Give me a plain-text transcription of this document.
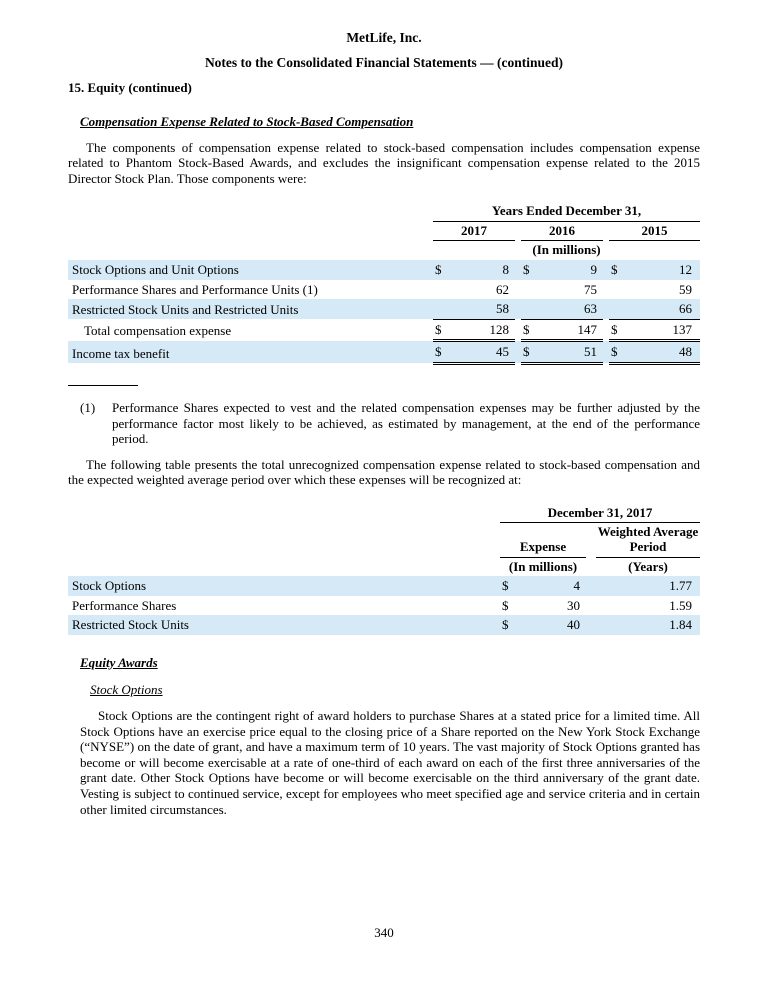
MetLife, Inc.
Notes to the Consolidated Financial Statements — (continued)
15. Equity (continued)
Compensation Expense Related to Stock-Based Compensation

The components of compensation expense related to stock-based compensation includes compensation expense related to Phantom Stock-Based Awards, and excludes the insignificant compensation expense related to the 2015 Director Stock Plan. Those components were:

	Years Ended December 31,							
	2017			2016			2015	
	(In millions)							
Stock Options and Unit Options	$	8		$	9		$	12
Performance Shares and Performance Units (1)		62			75			59
Restricted Stock Units and Restricted Units		58			63			66
Total compensation expense	$	128		$	147		$	137
Income tax benefit	$	45		$	51		$	48
(1)	Performance Shares expected to vest and the related compensation expenses may be further adjusted by the performance factor most likely to be achieved, as estimated by management, at the end of the performance period.

The following table presents the total unrecognized compensation expense related to stock-based compensation and the expected weighted average period over which these expenses will be recognized at:

	December 31, 2017			
	Expense			Weighted Average Period
	(In millions)			(Years)
Stock Options	$	4		1.77
Performance Shares	$	30		1.59
Restricted Stock Units	$	40		1.84
Equity Awards
Stock Options

Stock Options are the contingent right of award holders to purchase Shares at a stated price for a limited time. All Stock Options have an exercise price equal to the closing price of a Share reported on the New York Stock Exchange (“NYSE”) on the date of grant, and have a maximum term of 10 years. The vast majority of Stock Options granted has become or will become exercisable at a rate of one-third of each award on each of the first three anniversaries of the grant date. Other Stock Options have become or will become exercisable on the third anniversary of the grant date. Vesting is subject to continued service, except for employees who meet specified age and service criteria and in certain other limited circumstances.

340
